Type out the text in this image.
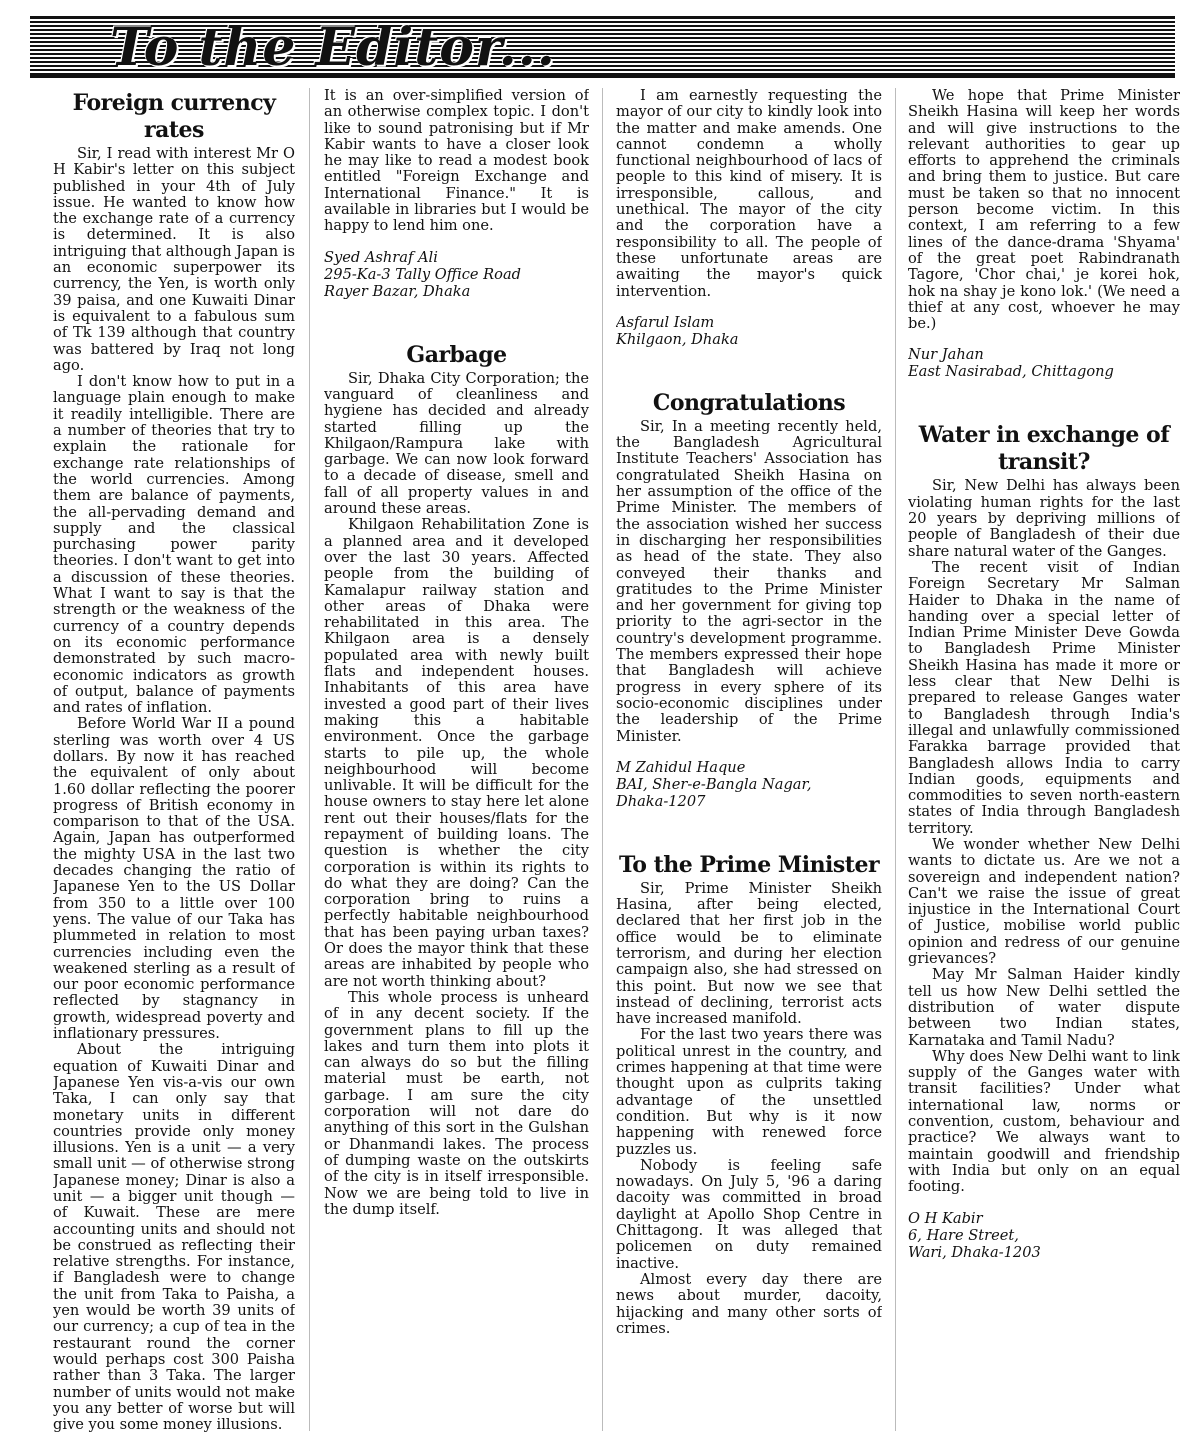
To the Editor...
Foreign currency rates

Sir, I read with interest Mr O H Kabir's letter on this subject published in your 4th of July issue. He wanted to know how the exchange rate of a currency is determined. It is also intriguing that although Japan is an economic superpower its currency, the Yen, is worth only 39 paisa, and one Kuwaiti Dinar is equivalent to a fabulous sum of Tk 139 although that country was battered by Iraq not long ago.

I don't know how to put in a language plain enough to make it readily intelligible. There are a number of theories that try to explain the rationale for exchange rate relationships of the world currencies. Among them are balance of payments, the all-pervading demand and supply and the classical purchasing power parity theories. I don't want to get into a discussion of these theories. What I want to say is that the strength or the weakness of the currency of a country depends on its economic performance demonstrated by such macro-economic indicators as growth of output, balance of payments and rates of inflation.

Before World War II a pound sterling was worth over 4 US dollars. By now it has reached the equivalent of only about 1.60 dollar reflecting the poorer progress of British economy in comparison to that of the USA. Again, Japan has outperformed the mighty USA in the last two decades changing the ratio of Japanese Yen to the US Dollar from 350 to a little over 100 yens. The value of our Taka has plummeted in relation to most currencies including even the weakened sterling as a result of our poor economic performance reflected by stagnancy in growth, widespread poverty and inflationary pressures.

About the intriguing equation of Kuwaiti Dinar and Japanese Yen vis-a-vis our own Taka, I can only say that monetary units in different countries provide only money illusions. Yen is a unit — a very small unit — of otherwise strong Japanese money; Dinar is also a unit — a bigger unit though — of Kuwait. These are mere accounting units and should not be construed as reflecting their relative strengths. For instance, if Bangladesh were to change the unit from Taka to Paisha, a yen would be worth 39 units of our currency; a cup of tea in the restaurant round the corner would perhaps cost 300 Paisha rather than 3 Taka. The larger number of units would not make you any better of worse but will give you some money illusions.

It is an over-simplified version of an otherwise complex topic. I don't like to sound patronising but if Mr Kabir wants to have a closer look he may like to read a modest book entitled "Foreign Exchange and International Finance." It is available in libraries but I would be happy to lend him one.

Syed Ashraf Ali
295-Ka-3 Tally Office Road
Rayer Bazar, Dhaka
Garbage

Sir, Dhaka City Corporation; the vanguard of cleanliness and hygiene has decided and already started filling up the Khilgaon/Rampura lake with garbage. We can now look forward to a decade of disease, smell and fall of all property values in and around these areas.

Khilgaon Rehabilitation Zone is a planned area and it developed over the last 30 years. Affected people from the building of Kamalapur railway station and other areas of Dhaka were rehabilitated in this area. The Khilgaon area is a densely populated area with newly built flats and independent houses. Inhabitants of this area have invested a good part of their lives making this a habitable environment. Once the garbage starts to pile up, the whole neighbourhood will become unlivable. It will be difficult for the house owners to stay here let alone rent out their houses/flats for the repayment of building loans. The question is whether the city corporation is within its rights to do what they are doing? Can the corporation bring to ruins a perfectly habitable neighbourhood that has been paying urban taxes? Or does the mayor think that these areas are inhabited by people who are not worth thinking about?

This whole process is unheard of in any decent society. If the government plans to fill up the lakes and turn them into plots it can always do so but the filling material must be earth, not garbage. I am sure the city corporation will not dare do anything of this sort in the Gulshan or Dhanmandi lakes. The process of dumping waste on the outskirts of the city is in itself irresponsible. Now we are being told to live in the dump itself.

I am earnestly requesting the mayor of our city to kindly look into the matter and make amends. One cannot condemn a wholly functional neighbourhood of lacs of people to this kind of misery. It is irresponsible, callous, and unethical. The mayor of the city and the corporation have a responsibility to all. The people of these unfortunate areas are awaiting the mayor's quick intervention.

Asfarul Islam
Khilgaon, Dhaka
Congratulations

Sir, In a meeting recently held, the Bangladesh Agricultural Institute Teachers' Association has congratulated Sheikh Hasina on her assumption of the office of the Prime Minister. The members of the association wished her success in discharging her responsibilities as head of the state. They also conveyed their thanks and gratitudes to the Prime Minister and her government for giving top priority to the agri-sector in the country's development programme. The members expressed their hope that Bangladesh will achieve progress in every sphere of its socio-economic disciplines under the leadership of the Prime Minister.

M Zahidul Haque
BAI, Sher-e-Bangla Nagar,
Dhaka-1207
To the Prime Minister

Sir, Prime Minister Sheikh Hasina, after being elected, declared that her first job in the office would be to eliminate terrorism, and during her election campaign also, she had stressed on this point. But now we see that instead of declining, terrorist acts have increased manifold.

For the last two years there was political unrest in the country, and crimes happening at that time were thought upon as culprits taking advantage of the unsettled condition. But why is it now happening with renewed force puzzles us.

Nobody is feeling safe nowadays. On July 5, '96 a daring dacoity was committed in broad daylight at Apollo Shop Centre in Chittagong. It was alleged that policemen on duty remained inactive.

Almost every day there are news about murder, dacoity, hijacking and many other sorts of crimes.

We hope that Prime Minister Sheikh Hasina will keep her words and will give instructions to the relevant authorities to gear up efforts to apprehend the criminals and bring them to justice. But care must be taken so that no innocent person become victim. In this context, I am referring to a few lines of the dance-drama 'Shyama' of the great poet Rabindranath Tagore, 'Chor chai,' je korei hok, hok na shay je kono lok.' (We need a thief at any cost, whoever he may be.)

Nur Jahan
East Nasirabad, Chittagong
Water in exchange of transit?

Sir, New Delhi has always been violating human rights for the last 20 years by depriving millions of people of Bangladesh of their due share natural water of the Ganges.

The recent visit of Indian Foreign Secretary Mr Salman Haider to Dhaka in the name of handing over a special letter of Indian Prime Minister Deve Gowda to Bangladesh Prime Minister Sheikh Hasina has made it more or less clear that New Delhi is prepared to release Ganges water to Bangladesh through India's illegal and unlawfully commissioned Farakka barrage provided that Bangladesh allows India to carry Indian goods, equipments and commodities to seven north-eastern states of India through Bangladesh territory.

We wonder whether New Delhi wants to dictate us. Are we not a sovereign and independent nation? Can't we raise the issue of great injustice in the International Court of Justice, mobilise world public opinion and redress of our genuine grievances?

May Mr Salman Haider kindly tell us how New Delhi settled the distribution of water dispute between two Indian states, Karnataka and Tamil Nadu?

Why does New Delhi want to link supply of the Ganges water with transit facilities? Under what international law, norms or convention, custom, behaviour and practice? We always want to maintain goodwill and friendship with India but only on an equal footing.

O H Kabir
6, Hare Street,
Wari, Dhaka-1203
